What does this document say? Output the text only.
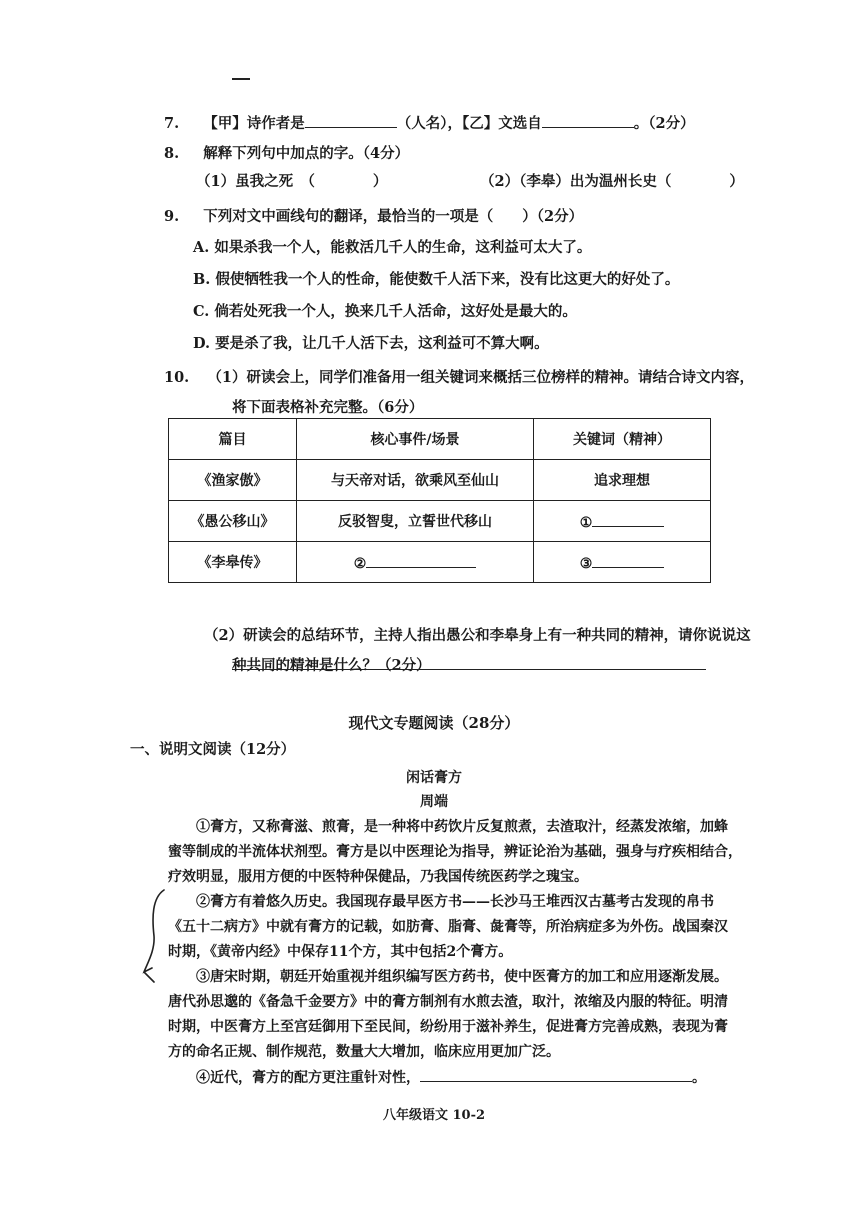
7. 【甲】诗作者是	（人名），【乙】文选自	。（2分）
8. 解释下列句中加点的字。（4分）
（1）虽我之死　（　　　　）	（2）（李皋）出为温州长史（　　　　）
9. 下列对文中画线句的翻译，最恰当的一项是（　　）（2分）
A. 如果杀我一个人，能救活几千人的生命，这利益可太大了。
B. 假使牺牲我一个人的性命，能使数千人活下来，没有比这更大的好处了。
C. 倘若处死我一个人，换来几千人活命，这好处是最大的。
D. 要是杀了我，让几千人活下去，这利益可不算大啊。
10. （1）研读会上，同学们准备用一组关键词来概括三位榜样的精神。请结合诗文内容，
将下面表格补充完整。（6分）
篇目	核心事件/场景	关键词（精神）
《渔家傲》	与天帝对话，欲乘风至仙山	追求理想
《愚公移山》	反驳智叟，立誓世代移山	①
《李皋传》	②	③
（2）研读会的总结环节，主持人指出愚公和李皋身上有一种共同的精神，请你说说这
种共同的精神是什么？（2分）
现代文专题阅读（28分）
一、说明文阅读（12分）
闲话膏方
周端
①膏方，又称膏滋、煎膏，是一种将中药饮片反复煎煮，去渣取汁，经蒸发浓缩，加蜂
蜜等制成的半流体状剂型。膏方是以中医理论为指导，辨证论治为基础，强身与疗疾相结合，
疗效明显，服用方便的中医特种保健品，乃我国传统医药学之瑰宝。
②膏方有着悠久历史。我国现存最早医方书——长沙马王堆西汉古墓考古发现的帛书
《五十二病方》中就有膏方的记载，如肪膏、脂膏、彘膏等，所治病症多为外伤。战国秦汉
时期，《黄帝内经》中保存11个方，其中包括2个膏方。
③唐宋时期，朝廷开始重视并组织编写医方药书，使中医膏方的加工和应用逐渐发展。
唐代孙思邈的《备急千金要方》中的膏方制剂有水煎去渣，取汁，浓缩及内服的特征。明清
时期，中医膏方上至宫廷御用下至民间，纷纷用于滋补养生，促进膏方完善成熟，表现为膏
方的命名正规、制作规范，数量大大增加，临床应用更加广泛。
④近代，膏方的配方更注重针对性，	。
八年级语文 10-2
